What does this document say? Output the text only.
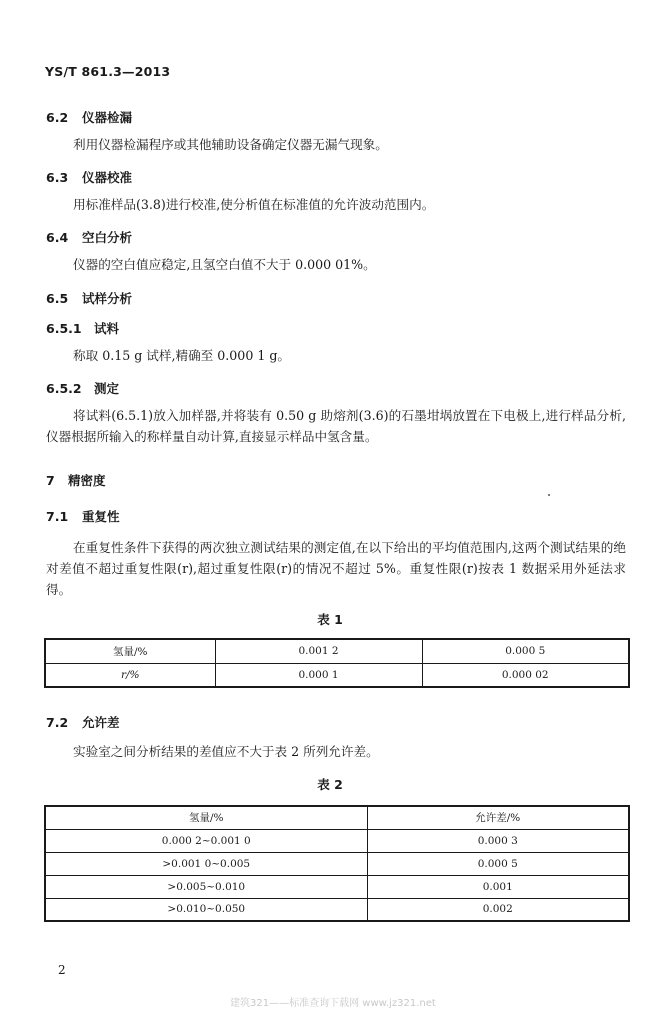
YS/T 861.3—2013
6.2 仪器检漏
利用仪器检漏程序或其他辅助设备确定仪器无漏气现象。
6.3 仪器校准
用标准样品(3.8)进行校准,使分析值在标准值的允许波动范围内。
6.4 空白分析
仪器的空白值应稳定,且氢空白值不大于 0.000 01%。
6.5 试样分析
6.5.1 试料
称取 0.15 g 试样,精确至 0.000 1 g。
6.5.2 测定
将试料(6.5.1)放入加样器,并将装有 0.50 g 助熔剂(3.6)的石墨坩埚放置在下电极上,进行样品分析,仪器根据所输入的称样量自动计算,直接显示样品中氢含量。
7 精密度
7.1 重复性
在重复性条件下获得的两次独立测试结果的测定值,在以下给出的平均值范围内,这两个测试结果的绝对差值不超过重复性限(r),超过重复性限(r)的情况不超过 5%。重复性限(r)按表 1 数据采用外延法求得。
表 1
氢量/%	0.001 2	0.000 5
r/%	0.000 1	0.000 02
7.2 允许差
实验室之间分析结果的差值应不大于表 2 所列允许差。
表 2
氢量/%	允许差/%
0.000 2~0.001 0	0.000 3
>0.001 0~0.005	0.000 5
>0.005~0.010	0.001
>0.010~0.050	0.002
2
建筑321——标准查询下载网 www.jz321.net
